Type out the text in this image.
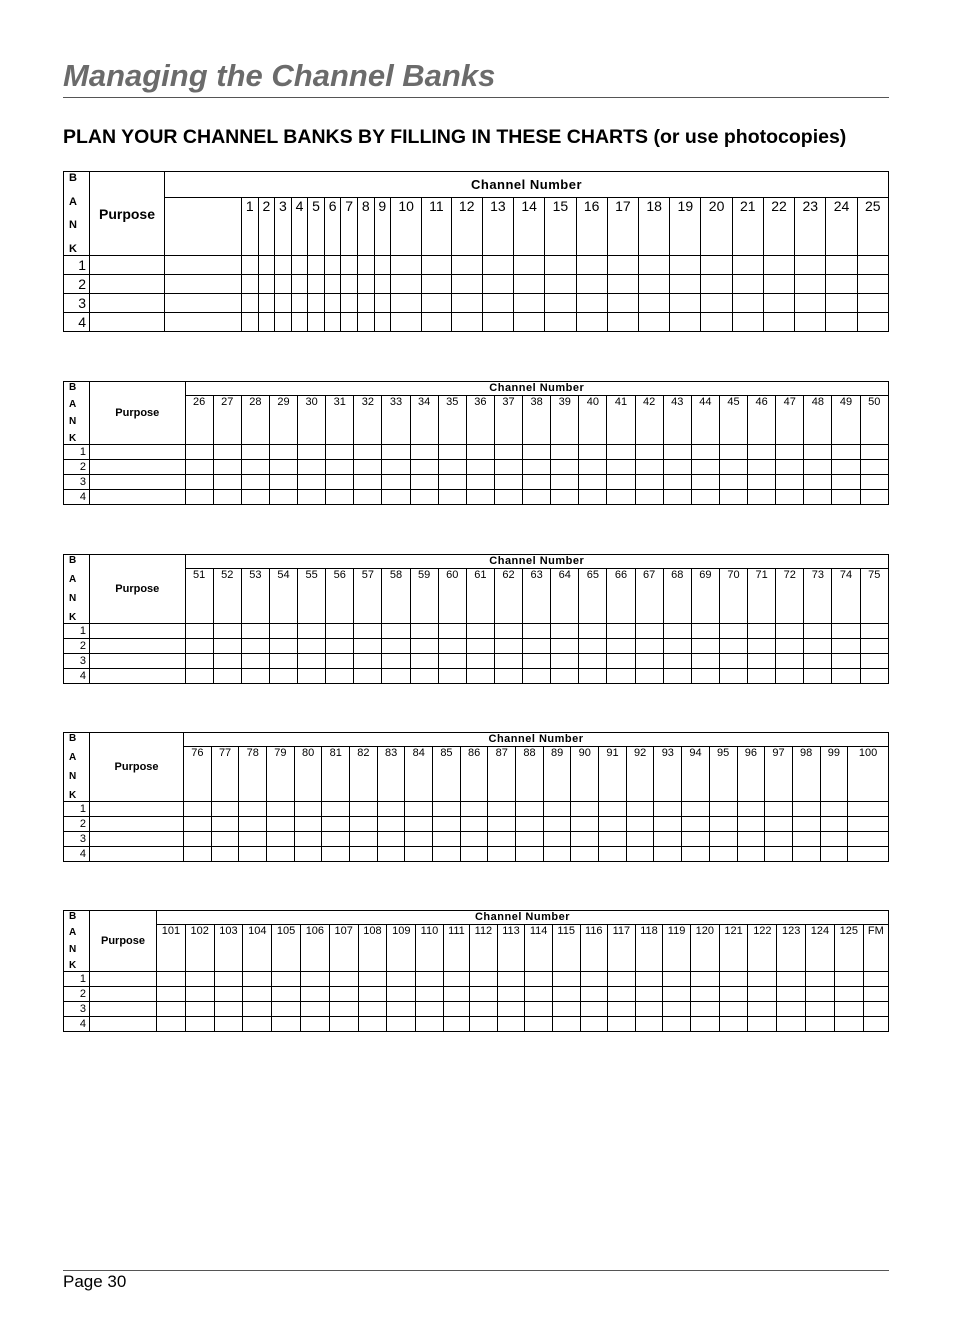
Managing the Channel Banks
PLAN YOUR CHANNEL BANKS BY FILLING IN THESE CHARTS (or use photocopies)
B
A
N
K	Purpose	Channel Number																									
			1	2	3	4	5	6	7	8	9	10	11	12	13	14	15	16	17	18	19	20	21	22	23	24	25
1																											
2																											
3																											
4																											
B
A
N
K	Purpose	Channel Number																								
		26	27	28	29	30	31	32	33	34	35	36	37	38	39	40	41	42	43	44	45	46	47	48	49	50
1																										
2																										
3																										
4																										
B
A
N
K	Purpose	Channel Number																								
		51	52	53	54	55	56	57	58	59	60	61	62	63	64	65	66	67	68	69	70	71	72	73	74	75
1																										
2																										
3																										
4																										
B
A
N
K	Purpose	Channel Number																								
		76	77	78	79	80	81	82	83	84	85	86	87	88	89	90	91	92	93	94	95	96	97	98	99	100
1																										
2																										
3																										
4																										
B
A
N
K	Purpose	Channel Number																									
		101	102	103	104	105	106	107	108	109	110	111	112	113	114	115	116	117	118	119	120	121	122	123	124	125	FM
1																											
2																											
3																											
4																											

Page 30
